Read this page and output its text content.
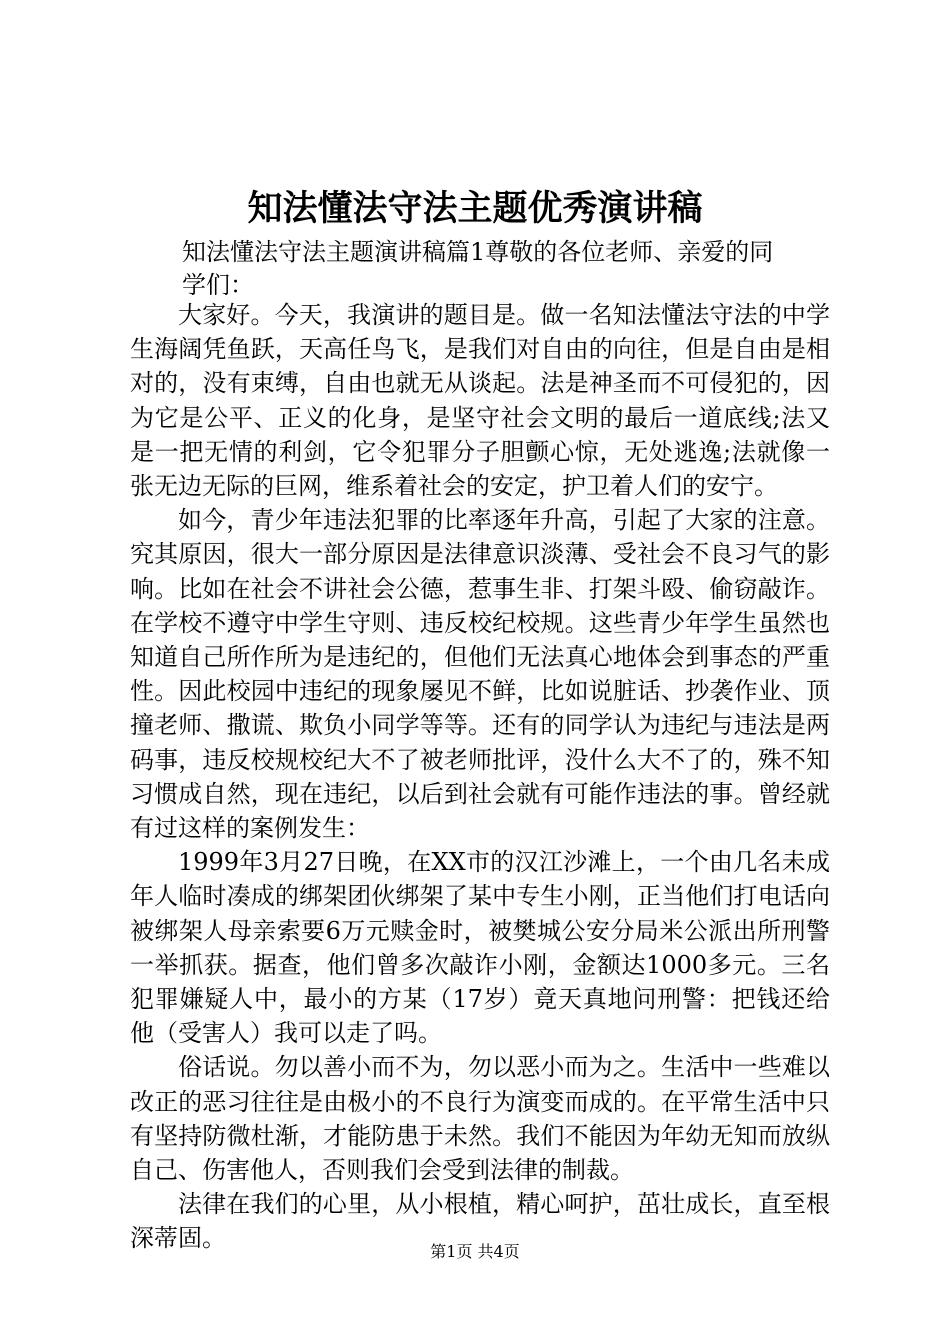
知法懂法守法主题优秀演讲稿

知法懂法守法主题演讲稿篇1尊敬的各位老师、亲爱的同学们：

大家好。今天，我演讲的题目是。做一名知法懂法守法的中学生海阔凭鱼跃，天高任鸟飞，是我们对自由的向往，但是自由是相对的，没有束缚，自由也就无从谈起。法是神圣而不可侵犯的，因为它是公平、正义的化身，是坚守社会文明的最后一道底线;法又是一把无情的利剑，它令犯罪分子胆颤心惊，无处逃逸;法就像一张无边无际的巨网，维系着社会的安定，护卫着人们的安宁。

如今，青少年违法犯罪的比率逐年升高，引起了大家的注意。究其原因，很大一部分原因是法律意识淡薄、受社会不良习气的影响。比如在社会不讲社会公德，惹事生非、打架斗殴、偷窃敲诈。在学校不遵守中学生守则、违反校纪校规。这些青少年学生虽然也知道自己所作所为是违纪的，但他们无法真心地体会到事态的严重性。因此校园中违纪的现象屡见不鲜，比如说脏话、抄袭作业、顶撞老师、撒谎、欺负小同学等等。还有的同学认为违纪与违法是两码事，违反校规校纪大不了被老师批评，没什么大不了的，殊不知习惯成自然，现在违纪，以后到社会就有可能作违法的事。曾经就有过这样的案例发生：

1999年3月27日晚，在XX市的汉江沙滩上，一个由几名未成年人临时凑成的绑架团伙绑架了某中专生小刚，正当他们打电话向被绑架人母亲索要6万元赎金时，被樊城公安分局米公派出所刑警一举抓获。据查，他们曾多次敲诈小刚，金额达1000多元。三名犯罪嫌疑人中，最小的方某（17岁）竟天真地问刑警：把钱还给他（受害人）我可以走了吗。

俗话说。勿以善小而不为，勿以恶小而为之。生活中一些难以改正的恶习往往是由极小的不良行为演变而成的。在平常生活中只有坚持防微杜渐，才能防患于未然。我们不能因为年幼无知而放纵自己、伤害他人，否则我们会受到法律的制裁。

法律在我们的心里，从小根植，精心呵护，茁壮成长，直至根深蒂固。	第1页 共4页
